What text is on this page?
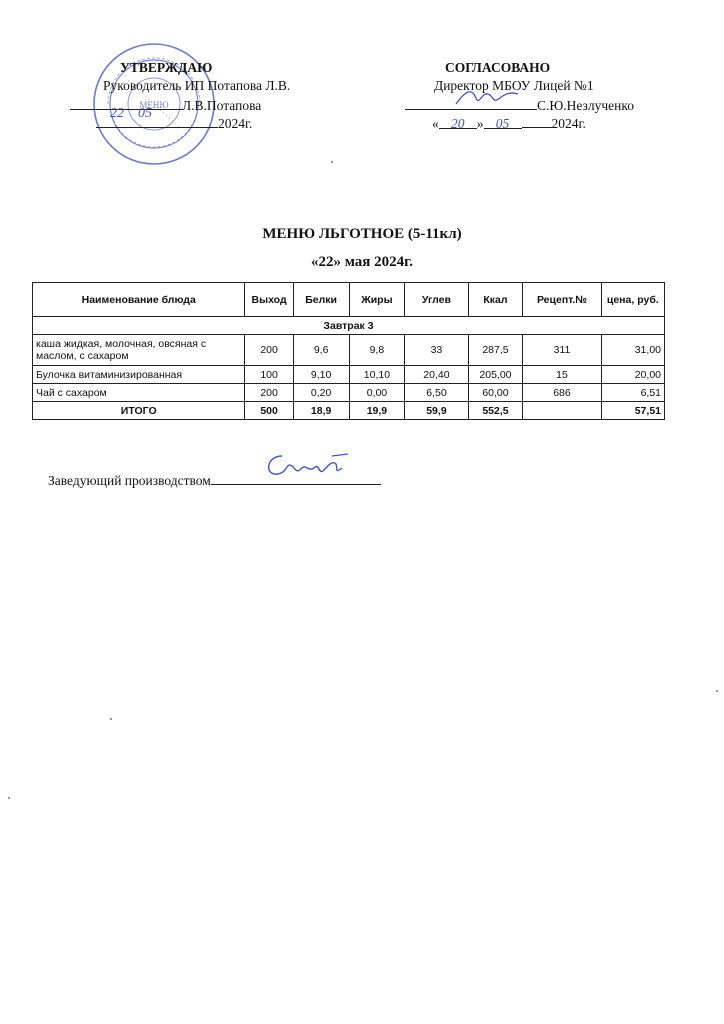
МЕНЮ
УТВЕРЖДАЮ
Руководитель ИП Потапова Л.В.
Л.В.Потапова
2024г.
22 05
СОГЛАСОВАНО
Директор МБОУ Лицей №1
С.Ю.Незлученко
« 20 » 05	2024г.
МЕНЮ ЛЬГОТНОЕ (5-11кл)
«22» мая 2024г.
Наименование блюда	Выход	Белки	Жиры	Углев	Ккал	Рецепт.№	цена, руб.
Завтрак 3							
каша жидкая, молочная, овсяная с маслом, с сахаром	200	9,6	9,8	33	287,5	311	31,00
Булочка витаминизированная	100	9,10	10,10	20,40	205,00	15	20,00
Чай с сахаром	200	0,20	0,00	6,50	60,00	686	6,51
ИТОГО	500	18,9	19,9	59,9	552,5		57,51
Заведующий производством
